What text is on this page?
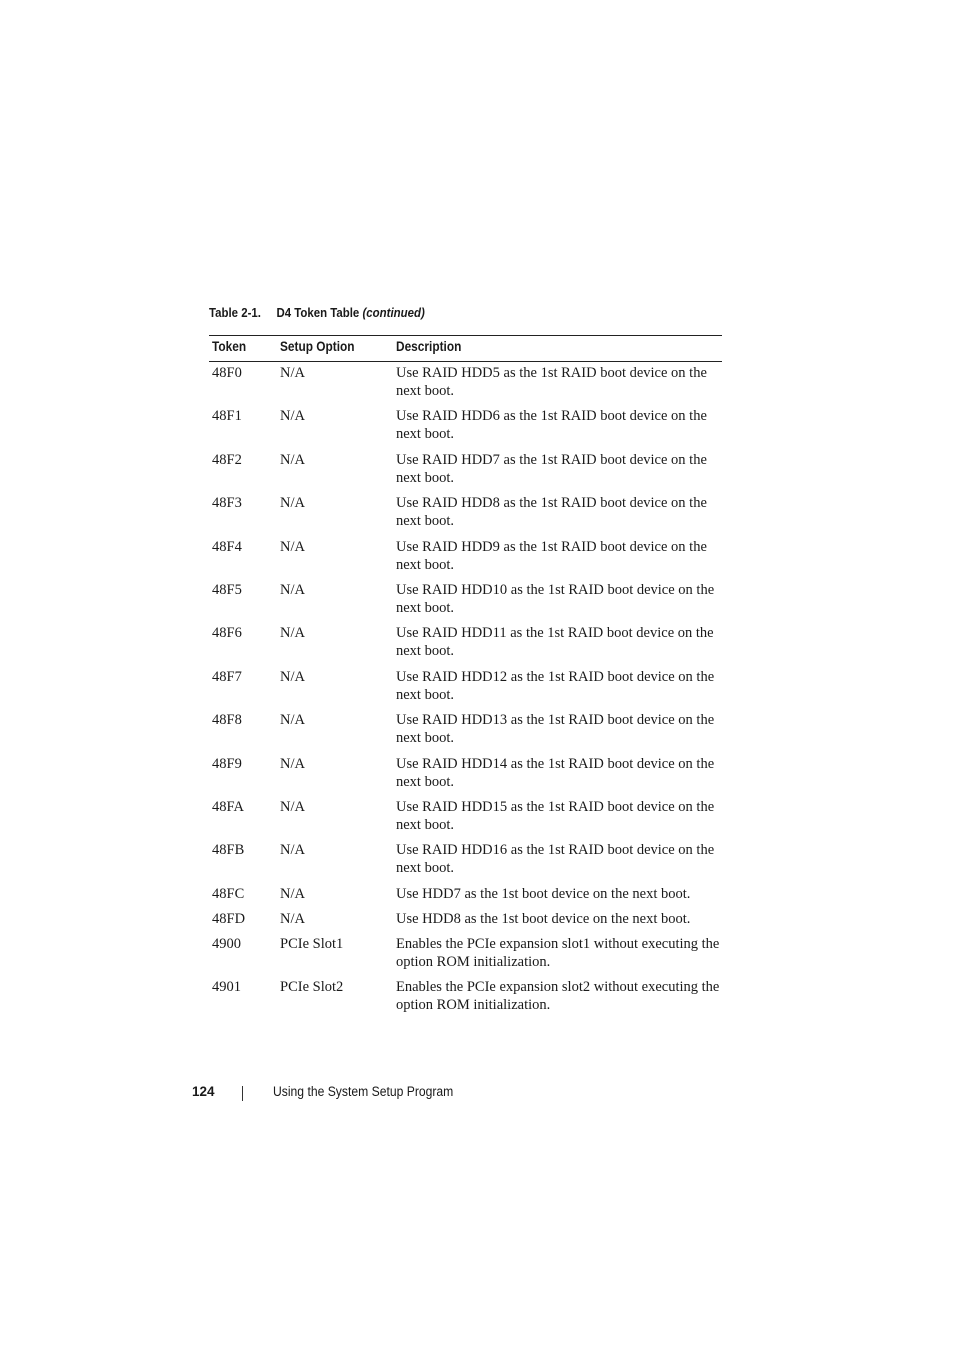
Table 2-1. D4 Token Table (continued)
Token	Setup Option	Description
48F0	N/A	Use RAID HDD5 as the 1st RAID boot device on the next boot.
48F1	N/A	Use RAID HDD6 as the 1st RAID boot device on the next boot.
48F2	N/A	Use RAID HDD7 as the 1st RAID boot device on the next boot.
48F3	N/A	Use RAID HDD8 as the 1st RAID boot device on the next boot.
48F4	N/A	Use RAID HDD9 as the 1st RAID boot device on the next boot.
48F5	N/A	Use RAID HDD10 as the 1st RAID boot device on the next boot.
48F6	N/A	Use RAID HDD11 as the 1st RAID boot device on the next boot.
48F7	N/A	Use RAID HDD12 as the 1st RAID boot device on the next boot.
48F8	N/A	Use RAID HDD13 as the 1st RAID boot device on the next boot.
48F9	N/A	Use RAID HDD14 as the 1st RAID boot device on the next boot.
48FA N/A	Use RAID HDD15 as the 1st RAID boot device on the next boot.
48FB N/A	Use RAID HDD16 as the 1st RAID boot device on the next boot.
48FC N/A	Use HDD7 as the 1st boot device on the next boot.
48FD N/A	Use HDD8 as the 1st boot device on the next boot.
4900	PCIe Slot1	Enables the PCIe expansion slot1 without executing the option ROM initialization.
4901	PCIe Slot2	Enables the PCIe expansion slot2 without executing the option ROM initialization.
124	Using the System Setup Program
